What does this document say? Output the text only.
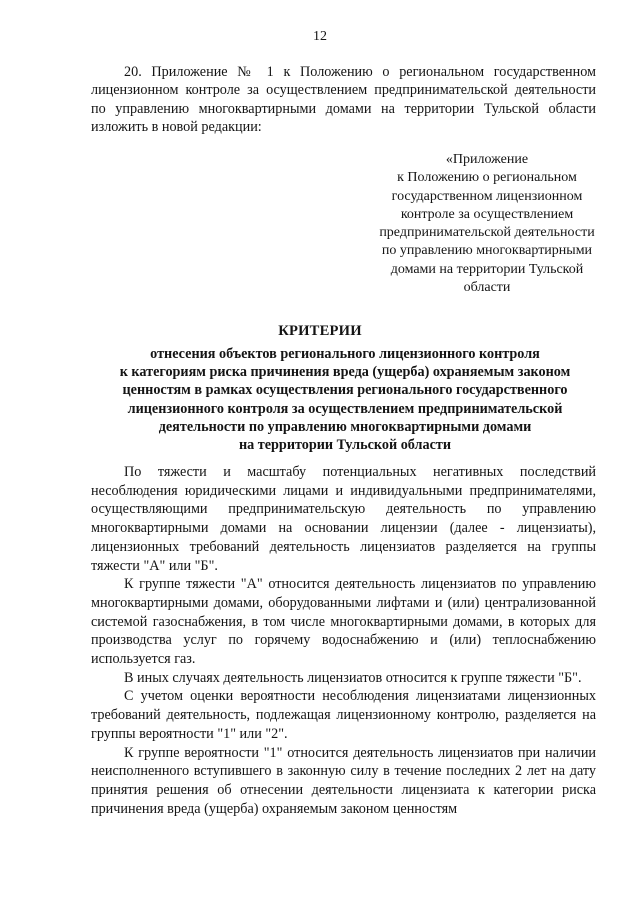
12

20. Приложение № 1 к Положению о региональном государственном лицензионном контроле за осуществлением предпринимательской деятельности по управлению многоквартирными домами на территории Тульской области изложить в новой редакции:

«Приложение
к Положению о региональном
государственном лицензионном
контроле за осуществлением
предпринимательской деятельности
по управлению многоквартирными
домами на территории Тульской
области
КРИТЕРИИ
отнесения объектов регионального лицензионного контроля
к категориям риска причинения вреда (ущерба) охраняемым законом
ценностям в рамках осуществления регионального государственного
лицензионного контроля за осуществлением предпринимательской
деятельности по управлению многоквартирными домами
на территории Тульской области

По тяжести и масштабу потенциальных негативных последствий несоблюдения юридическими лицами и индивидуальными предпринимателями, осуществляющими предпринимательскую деятельность по управлению многоквартирными домами на основании лицензии (далее - лицензиаты), лицензионных требований деятельность лицензиатов разделяется на группы тяжести "А" или "Б".

К группе тяжести "А" относится деятельность лицензиатов по управлению многоквартирными домами, оборудованными лифтами и (или) централизованной системой газоснабжения, в том числе многоквартирными домами, в которых для производства услуг по горячему водоснабжению и (или) теплоснабжению используется газ.

В иных случаях деятельность лицензиатов относится к группе тяжести "Б".

С учетом оценки вероятности несоблюдения лицензиатами лицензионных требований деятельность, подлежащая лицензионному контролю, разделяется на группы вероятности "1" или "2".

К группе вероятности "1" относится деятельность лицензиатов при наличии неисполненного вступившего в законную силу в течение последних 2 лет на дату принятия решения об отнесении деятельности лицензиата к категории риска причинения вреда (ущерба) охраняемым законом ценностям
